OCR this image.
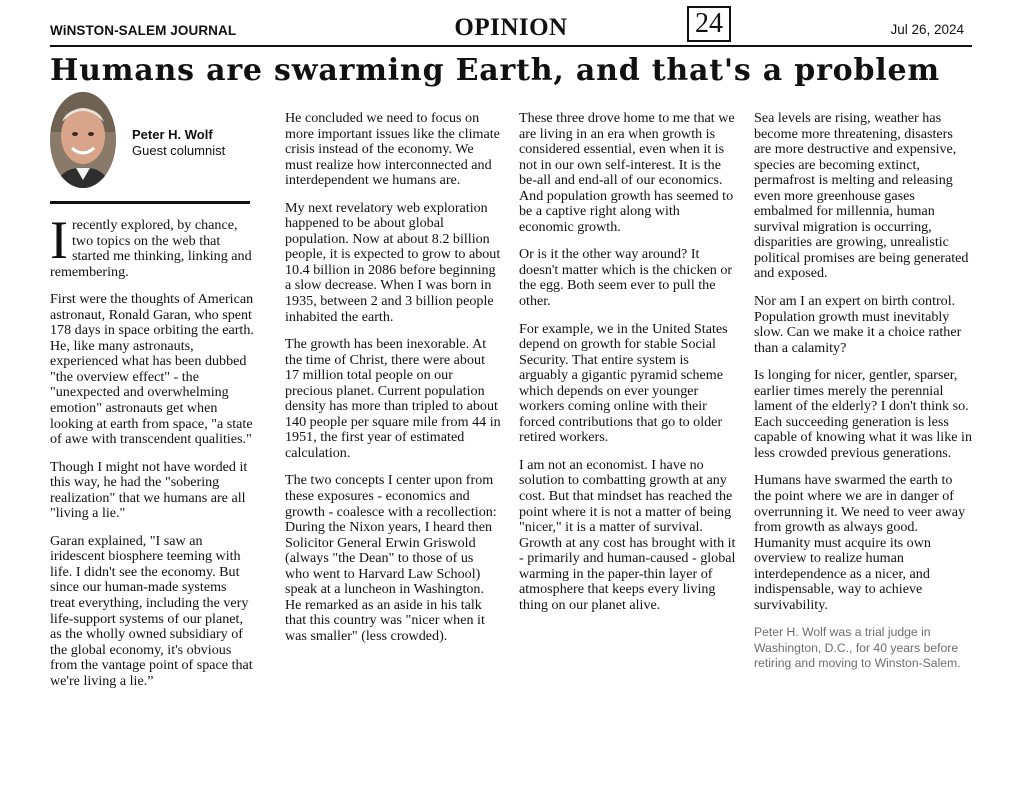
WiNSTON-SALEM JOURNAL	OPINION	24	Jul 26, 2024
Humans are swarming Earth, and that's a problem
Peter H. Wolf
Guest columnist

Irecently explored, by chance, two topics on the web that started me thinking, linking and remembering.

First were the thoughts of American astronaut, Ronald Garan, who spent 178 days in space orbiting the earth. He, like many astronauts, experienced what has been dubbed "the overview effect" - the "unexpected and overwhelming emotion" astronauts get when looking at earth from space, "a state of awe with transcendent qualities."

Though I might not have worded it this way, he had the "sobering realization" that we humans are all "living a lie."

Garan explained, "I saw an iridescent biosphere teeming with life. I didn't see the economy. But since our human-made systems treat everything, including the very life-support systems of our planet, as the wholly owned subsidiary of the global economy, it's obvious from the vantage point of space that we're living a lie.”

He concluded we need to focus on more important issues like the climate crisis instead of the economy. We must realize how interconnected and interdependent we humans are.

My next revelatory web exploration happened to be about global population. Now at about 8.2 billion people, it is expected to grow to about 10.4 billion in 2086 before beginning a slow decrease. When I was born in 1935, between 2 and 3 billion people inhabited the earth.

The growth has been inexorable. At the time of Christ, there were about 17 million total people on our precious planet. Current population density has more than tripled to about 140 people per square mile from 44 in 1951, the first year of estimated calculation.

The two concepts I center upon from these exposures - economics and growth - coalesce with a recollection: During the Nixon years, I heard then Solicitor General Erwin Griswold (always "the Dean" to those of us who went to Harvard Law School) speak at a luncheon in Washington. He remarked as an aside in his talk that this country was "nicer when it was smaller" (less crowded).

These three drove home to me that we are living in an era when growth is considered essential, even when it is not in our own self-interest. It is the be-all and end-all of our economics. And population growth has seemed to be a captive right along with economic growth.

Or is it the other way around? It doesn't matter which is the chicken or the egg. Both seem ever to pull the other.

For example, we in the United States depend on growth for stable Social Security. That entire system is arguably a gigantic pyramid scheme which depends on ever younger workers coming online with their forced contributions that go to older retired workers.

I am not an economist. I have no solution to combatting growth at any cost. But that mindset has reached the point where it is not a matter of being "nicer," it is a matter of survival. Growth at any cost has brought with it - primarily and human-caused - global warming in the paper-thin layer of atmosphere that keeps every living thing on our planet alive.

Sea levels are rising, weather has become more threatening, disasters are more destructive and expensive, species are becoming extinct, permafrost is melting and releasing even more greenhouse gases embalmed for millennia, human survival migration is occurring, disparities are growing, unrealistic political promises are being generated and exposed.

Nor am I an expert on birth control. Population growth must inevitably slow. Can we make it a choice rather than a calamity?

Is longing for nicer, gentler, sparser, earlier times merely the perennial lament of the elderly? I don't think so. Each succeeding generation is less capable of knowing what it was like in less crowded previous generations.

Humans have swarmed the earth to the point where we are in danger of overrunning it. We need to veer away from growth as always good. Humanity must acquire its own overview to realize human interdependence as a nicer, and indispensable, way to achieve survivability.

Peter H. Wolf was a trial judge in Washington, D.C., for 40 years before retiring and moving to Winston-Salem.
